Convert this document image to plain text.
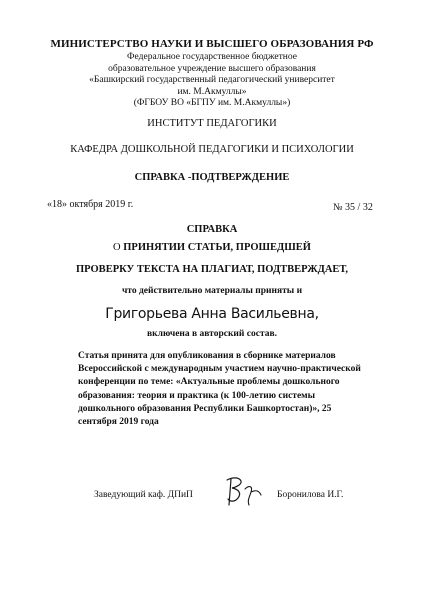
МИНИСТЕРСТВО НАУКИ И ВЫСШЕГО ОБРАЗОВАНИЯ РФ
Федеральное государственное бюджетное
образовательное учреждение высшего образования
«Башкирский государственный педагогический университет
им. М.Акмуллы»
(ФГБОУ ВО «БГПУ им. М.Акмуллы»)
ИНСТИТУТ ПЕДАГОГИКИ
КАФЕДРА ДОШКОЛЬНОЙ ПЕДАГОГИКИ И ПСИХОЛОГИИ
СПРАВКА -ПОДТВЕРЖДЕНИЕ
«18» октября 2019 г.	№ 35 / 32
СПРАВКА
О ПРИНЯТИИ СТАТЬИ, ПРОШЕДШЕЙ
ПРОВЕРКУ ТЕКСТА НА ПЛАГИАТ, ПОДТВЕРЖДАЕТ,
что действительно материалы приняты и
Григорьева Анна Васильевна,
включена в авторский состав.
Статья принята для опубликования в сборнике материалов
Всероссийской с международным участием научно-практической
конференции по теме: «Актуальные проблемы дошкольного
образования: теория и практика (к 100-летию системы
дошкольного образования Республики Башкортостан)», 25
сентября 2019 года
Заведующий каф. ДПиП	Боронилова И.Г.
